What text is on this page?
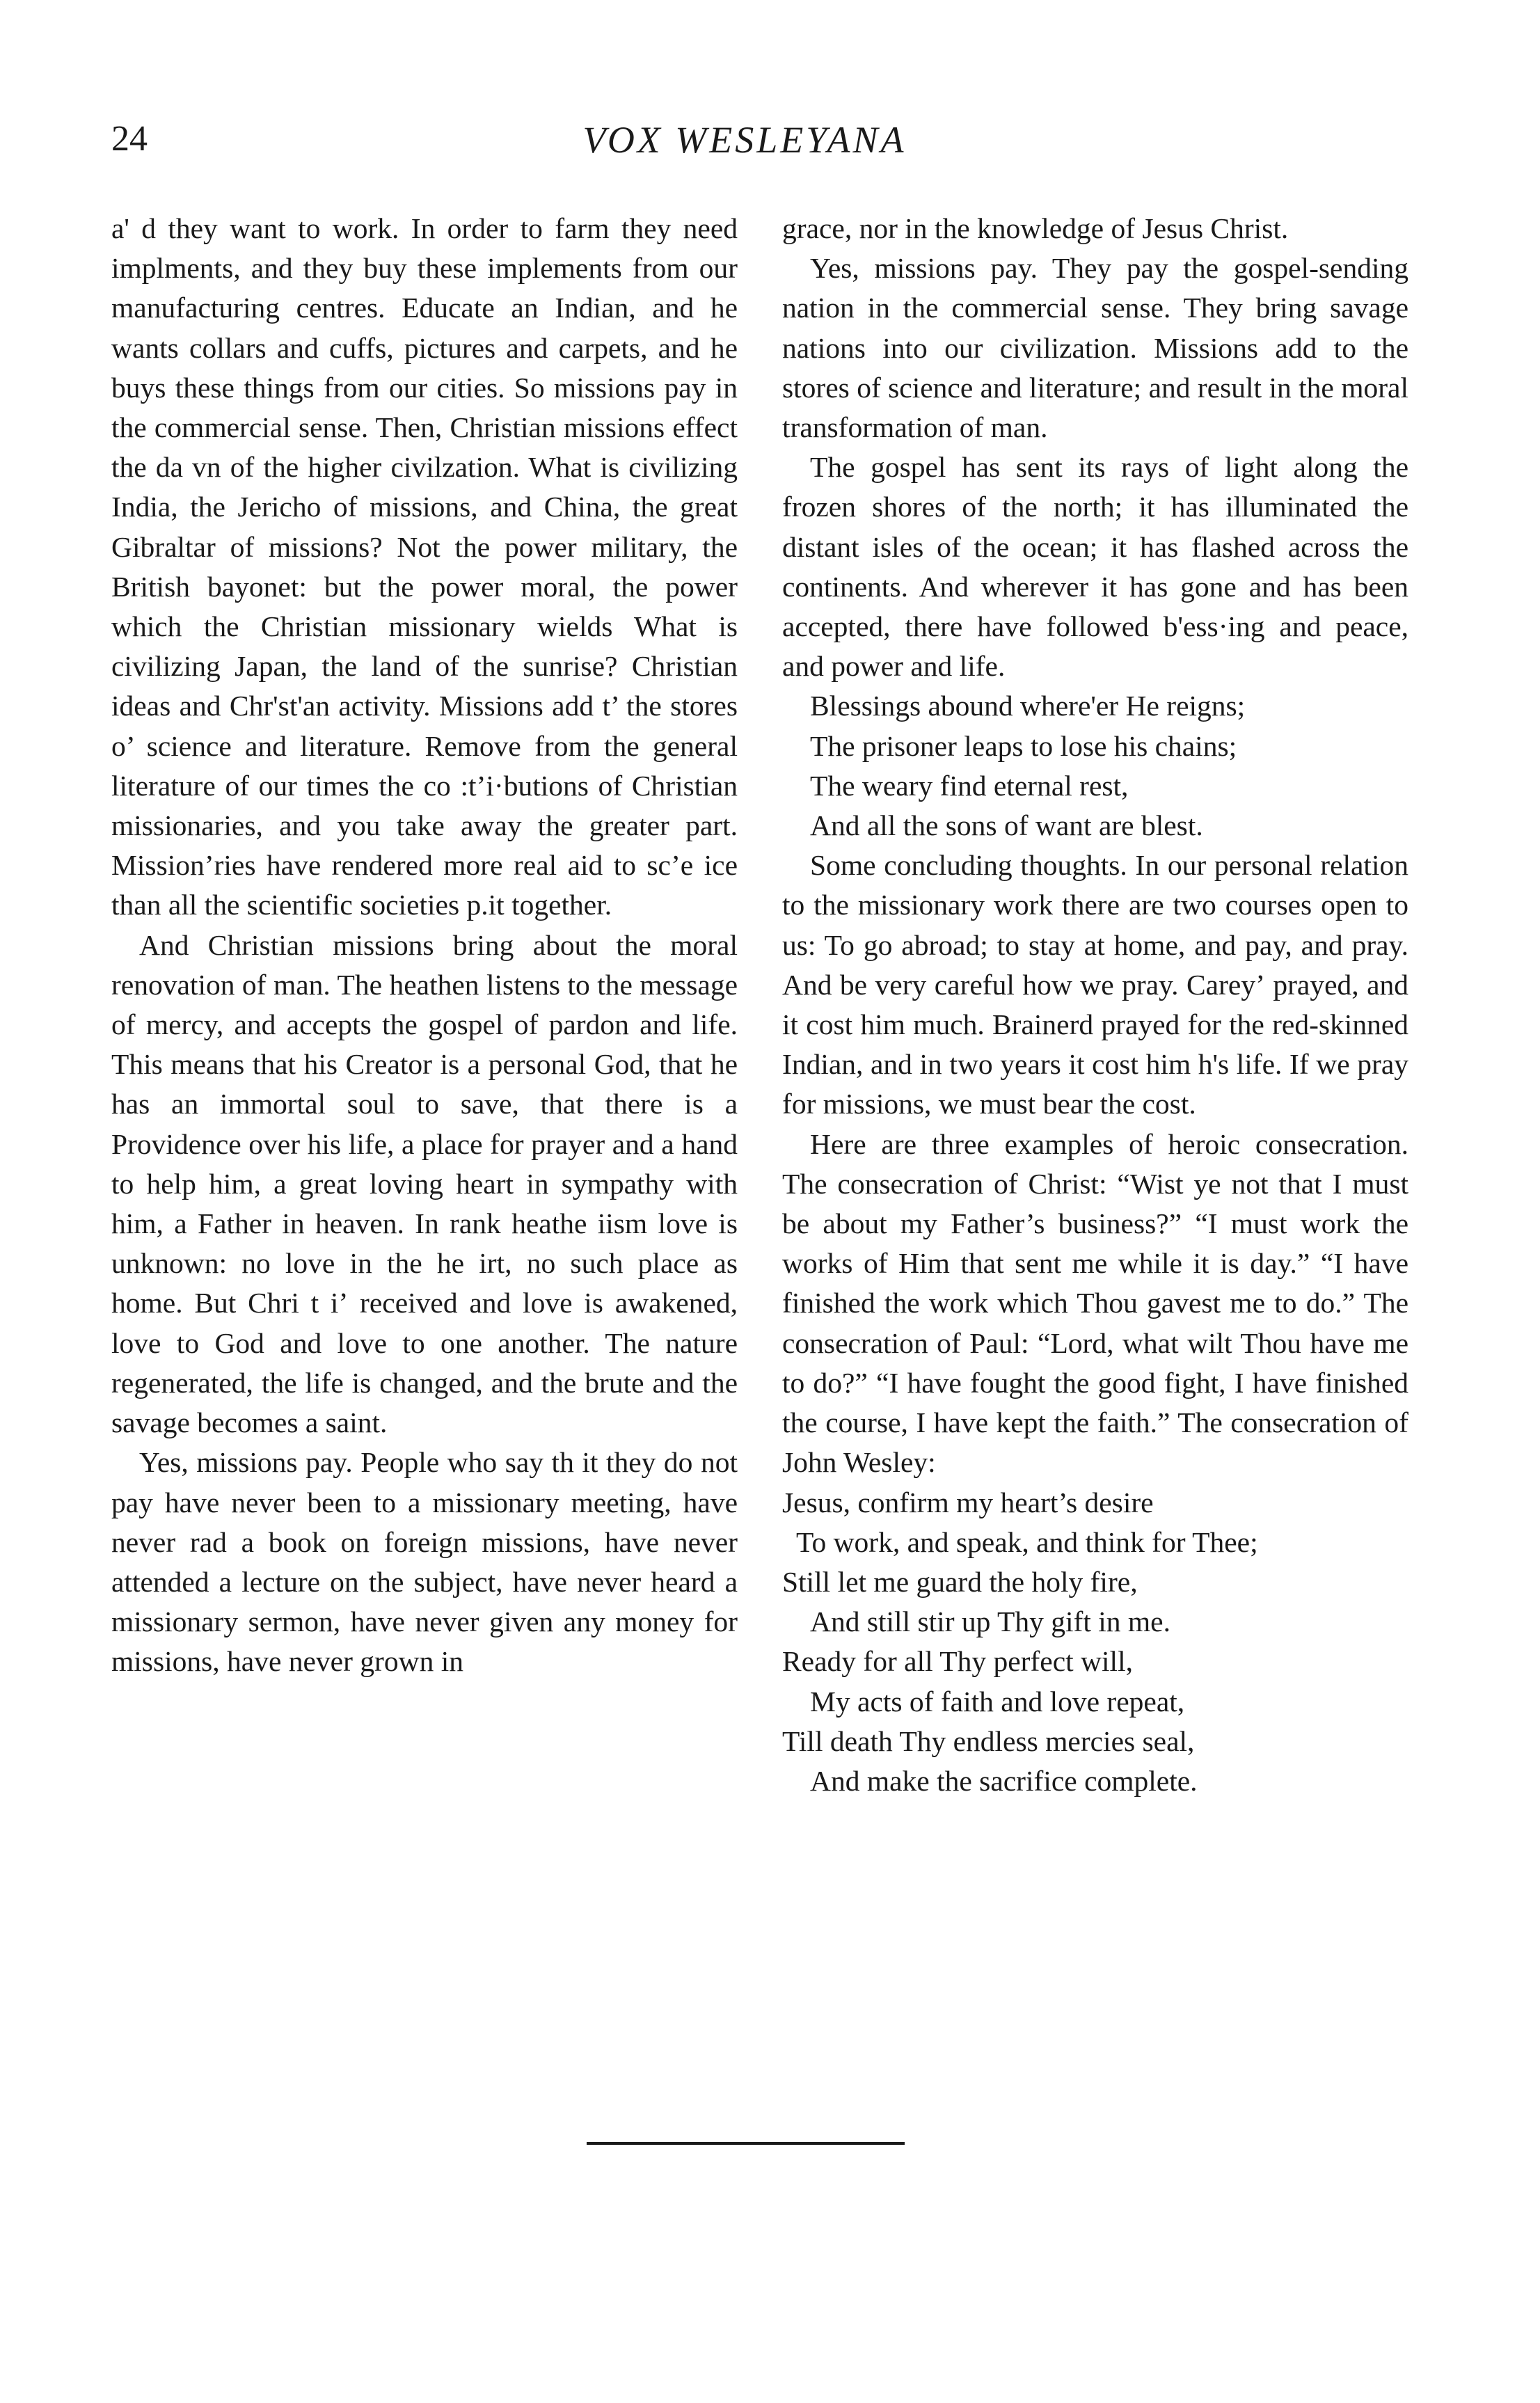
24	VOX WESLEYANA

a' d they want to work. In order to farm they need implments, and they buy these implements from our manufacturing centres. Educate an Indian, and he wants collars and cuffs, pictures and carpets, and he buys these things from our cities. So missions pay in the commercial sense. Then, Christian missions effect the da vn of the higher civilzation. What is civilizing India, the Jericho of missions, and China, the great Gibraltar of missions? Not the power military, the British bayonet: but the power moral, the power which the Christian missionary wields What is civilizing Japan, the land of the sunrise? Christian ideas and Chr'st'an activity. Missions add t’ the stores o’ science and literature. Remove from the general literature of our times the co :t’i·butions of Christian missionaries, and you take away the greater part. Mission’ries have rendered more real aid to sc’e ice than all the scientific societies p.it together.

And Christian missions bring about the moral renovation of man. The heathen listens to the message of mercy, and accepts the gospel of pardon and life. This means that his Creator is a personal God, that he has an immortal soul to save, that there is a Providence over his life, a place for prayer and a hand to help him, a great loving heart in sympathy with him, a Father in heaven. In rank heathe iism love is unknown: no love in the he irt, no such place as home. But Chri t iʼ received and love is awakened, love to God and love to one another. The nature regenerated, the life is changed, and the brute and the savage becomes a saint.

Yes, missions pay. People who say th it they do not pay have never been to a missionary meeting, have never rad a book on foreign missions, have never attended a lecture on the subject, have never heard a missionary sermon, have never given any money for missions, have never grown in

grace, nor in the knowledge of Jesus Christ.

Yes, missions pay. They pay the gospel-sending nation in the commercial sense. They bring savage nations into our civilization. Missions add to the stores of science and literature; and result in the moral transformation of man.

The gospel has sent its rays of light along the frozen shores of the north; it has illuminated the distant isles of the ocean; it has flashed across the continents. And wherever it has gone and has been accepted, there have followed b'ess·ing and peace, and power and life.

Blessings abound where'er He reigns;
The prisoner leaps to lose his chains;
The weary find eternal rest,
And all the sons of want are blest.

Some concluding thoughts. In our personal relation to the missionary work there are two courses open to us: To go abroad; to stay at home, and pay, and pray. And be very careful how we pray. Careyʼ prayed, and it cost him much. Brainerd prayed for the red-skinned Indian, and in two years it cost him h's life. If we pray for missions, we must bear the cost.

Here are three examples of heroic consecration. The consecration of Christ: “Wist ye not that I must be about my Father’s business?” “I must work the works of Him that sent me while it is day.” “I have finished the work which Thou gavest me to do.” The consecration of Paul: “Lord, what wilt Thou have me to do?” “I have fought the good fight, I have finished the course, I have kept the faith.” The consecration of John Wesley:

Jesus, confirm my heart’s desire
To work, and speak, and think for Thee;
Still let me guard the holy fire,
And still stir up Thy gift in me.
Ready for all Thy perfect will,
My acts of faith and love repeat,
Till death Thy endless mercies seal,
And make the sacrifice complete.
